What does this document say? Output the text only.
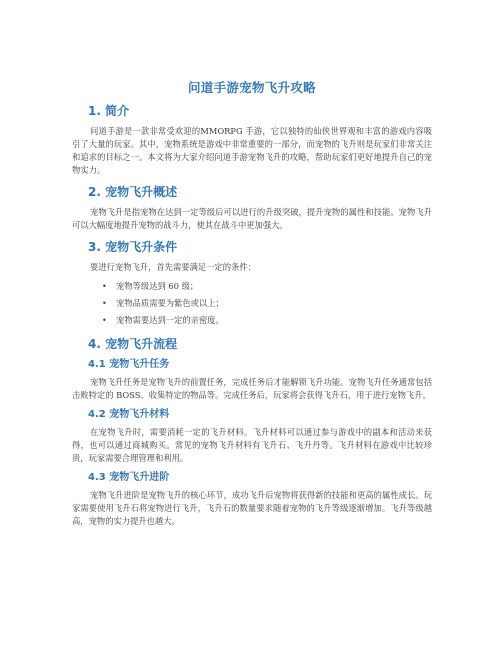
问道手游宠物飞升攻略
1. 简介

问道手游是一款非常受欢迎的MMORPG 手游，它以独特的仙侠世界观和丰富的游戏内容吸引了大量的玩家。其中，宠物系统是游戏中非常重要的一部分，而宠物的飞升则是玩家们非常关注和追求的目标之一。本文将为大家介绍问道手游宠物飞升的攻略，帮助玩家们更好地提升自己的宠物实力。

2. 宠物飞升概述

宠物飞升是指宠物在达到一定等级后可以进行的升级突破，提升宠物的属性和技能。宠物飞升可以大幅度地提升宠物的战斗力，使其在战斗中更加强大。

3. 宠物飞升条件

要进行宠物飞升，首先需要满足一定的条件：

• 宠物等级达到 60 级；
• 宠物品质需要为紫色或以上；
• 宠物需要达到一定的亲密度。
4. 宠物飞升流程
4.1 宠物飞升任务

宠物飞升任务是宠物飞升的前置任务，完成任务后才能解锁飞升功能。宠物飞升任务通常包括击败特定的 BOSS、收集特定的物品等。完成任务后，玩家将会获得飞升石，用于进行宠物飞升。

4.2 宠物飞升材料

在宠物飞升时，需要消耗一定的飞升材料。飞升材料可以通过参与游戏中的副本和活动来获得，也可以通过商城购买。常见的宠物飞升材料有飞升石、飞升丹等。飞升材料在游戏中比较珍贵，玩家需要合理管理和利用。

4.3 宠物飞升进阶

宠物飞升进阶是宠物飞升的核心环节，成功飞升后宠物将获得新的技能和更高的属性成长。玩家需要使用飞升石将宠物进行飞升，飞升石的数量要求随着宠物的飞升等级逐渐增加。飞升等级越高，宠物的实力提升也越大。
